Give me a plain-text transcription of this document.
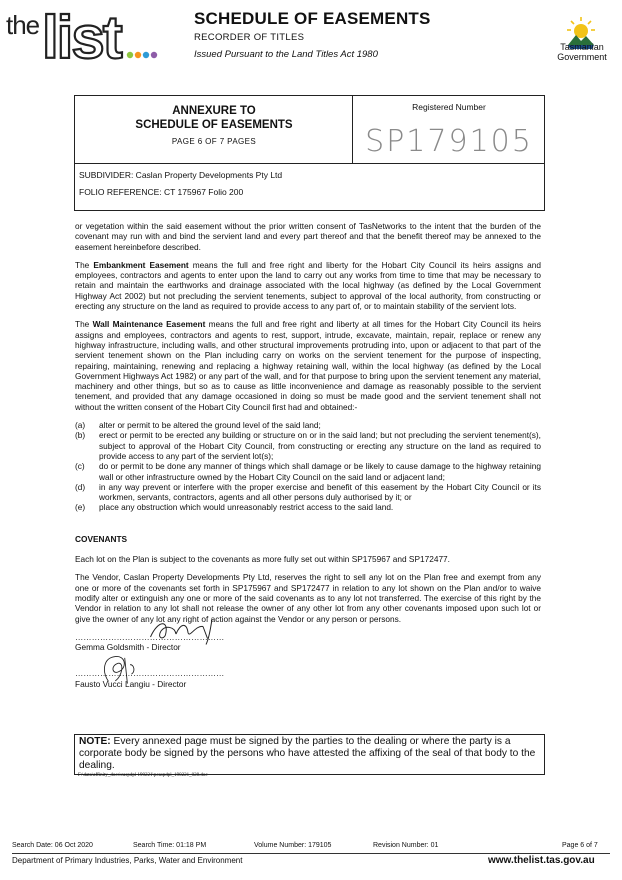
the list	SCHEDULE OF EASEMENTS
RECORDER OF TITLES
Issued Pursuant to the Land Titles Act 1980
Tasmanian
Government
ANNEXURE TO
SCHEDULE OF EASEMENTS
PAGE 6 OF 7 PAGES
Registered Number
SP179105
SUBDIVIDER: Caslan Property Developments Pty Ltd
FOLIO REFERENCE: CT 175967 Folio 200

or vegetation within the said easement without the prior written consent of TasNetworks to the intent that the burden of the covenant may run with and bind the servient land and every part thereof and that the benefit thereof may be annexed to the easement hereinbefore described.

The Embankment Easement means the full and free right and liberty for the Hobart City Council its heirs assigns and employees, contractors and agents to enter upon the land to carry out any works from time to time that may be necessary to retain and maintain the earthworks and drainage associated with the local highway (as defined by the Local Government Highway Act 2002) but not precluding the servient tenements, subject to approval of the local authority, from constructing or erecting any structure on the land as required to provide access to any part of, or to maintain stability of the servient lots.

The Wall Maintenance Easement means the full and free right and liberty at all times for the Hobart City Council its heirs assigns and employees, contractors and agents to rest, support, intrude, excavate, maintain, repair, replace or renew any highway infrastructure, including walls, and other structural improvements protruding into, upon or adjacent to that part of the servient tenement shown on the Plan including carry on works on the servient tenement for the purpose of inspecting, repairing, maintaining, renewing and replacing a highway retaining wall, within the local highway (as defined by the Local Government Highways Act 1982) or any part of the wall, and for that purpose to bring upon the servient tenement any material, machinery and other things, but so as to cause as little inconvenience and damage as reasonably possible to the servient tenement, and provided that any damage occasioned in doing so must be made good and the servient tenement shall not without the written consent of the Hobart City Council first had and obtained:-

(a) alter or permit to be altered the ground level of the said land;
(b) erect or permit to be erected any building or structure on or in the said land; but not precluding the servient tenement(s), subject to approval of the Hobart City Council, from constructing or erecting any structure on the land as required to provide access to any part of the servient lot(s);
(c) do or permit to be done any manner of things which shall damage or be likely to cause damage to the highway retaining wall or other infrastructure owned by the Hobart City Council on the said land or adjacent land;
(d) in any way prevent or interfere with the proper exercise and benefit of this easement by the Hobart City Council or its workmen, servants, contractors, agents and all other persons duly authorised by it; or
(e) place any obstruction which would unreasonably restrict access to the said land.

COVENANTS

Each lot on the Plan is subject to the covenants as more fully set out within SP175967 and SP172477.

The Vendor, Caslan Property Developments Pty Ltd, reserves the right to sell any lot on the Plan free and exempt from any one or more of the covenants set forth in SP175967 and SP172477 in relation to any lot shown on the Plan and/or to waive modify alter or extinguish any one or more of the said covenants as to any lot not transferred. The exercise of this right by the Vendor in relation to any lot shall not release the owner of any other lot from any other covenants imposed upon such lot or give the owner of any lot any right of action against the Vendor or any person or persons.

………………………………………………
Gemma Goldsmith - Director
………………………………………………
Fausto Vucci Langiu - Director
NOTE: Every annexed page must be signed by the parties to the dealing or where the party is a corporate body be signed by the persons who have attested the affixing of the seal of that body to the dealing.
F:\data\affinity_docs\caspdpl 190221\pcaspdpl_190221_028.doc
Search Date: 06 Oct 2020	Search Time: 01:18 PM	Volume Number: 179105	Revision Number: 01	Page 6 of 7
Department of Primary Industries, Parks, Water and Environment	www.thelist.tas.gov.au
